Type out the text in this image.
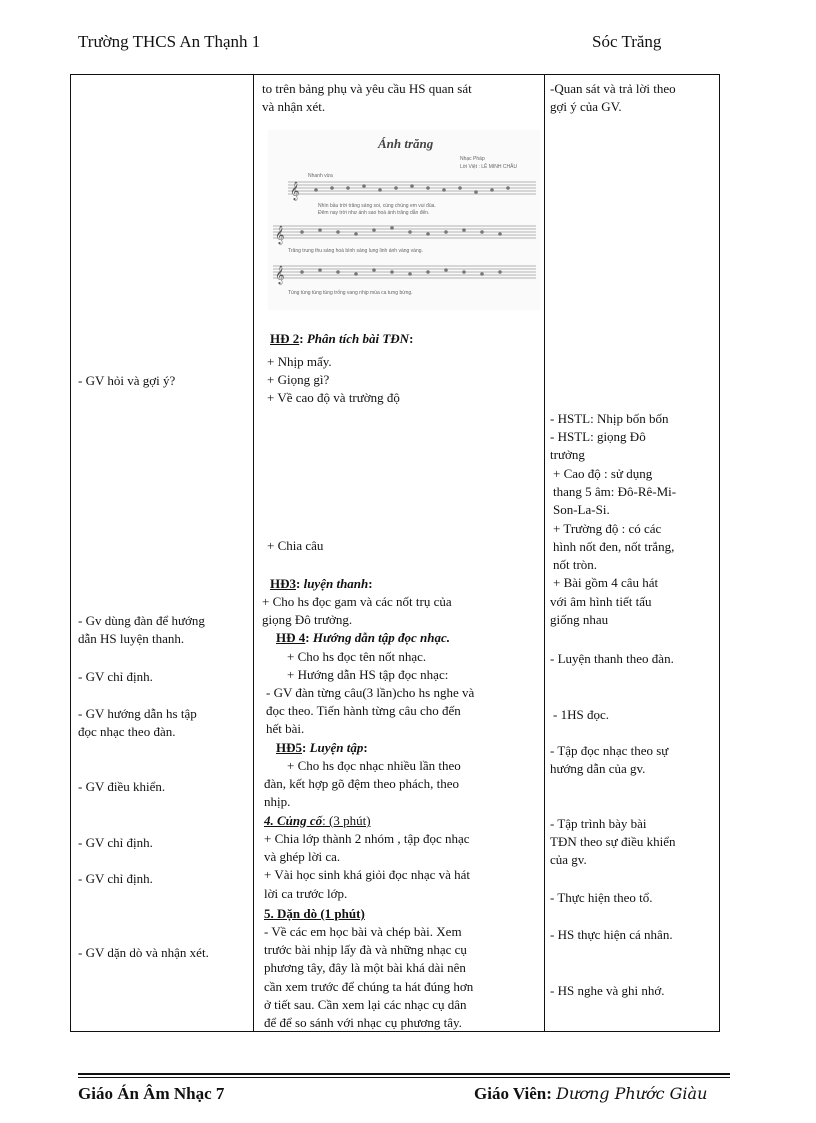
Trường THCS An Thạnh 1	Sóc Trăng

to trên bảng phụ và yêu cầu HS quan sát

và nhận xét.

Ánh trăng
Nhạc Pháp
Lời Việt : LÊ MINH CHÂU
Nhanh vừa
𝄞
Nhìn bầu trời trăng sáng soi, cùng chúng em vui đùa.
Đêm nay trời như ánh sao hoà ánh trăng dẫn đến.
𝄞
Trăng trung thu sáng hoà bình sáng lung linh ánh vàng vàng.
𝄞
Tùng tùng tùng tùng trống vang nhịp múa ca tưng bừng.

HĐ 2: Phân tích bài TĐN:

+ Nhịp mấy.

+ Giọng gì?

+ Về cao độ và trường độ

+ Chia câu

HĐ3: luyện thanh:

+ Cho hs đọc gam và các nốt trụ của

giọng Đô trưởng.

HĐ 4: Hướng dẫn tập đọc nhạc.

+ Cho hs đọc tên nốt nhạc.

+ Hướng dẫn HS tập đọc nhạc:

- GV đàn từng câu(3 lần)cho hs nghe và

đọc theo. Tiến hành từng câu cho đến

hết bài.

HĐ5: Luyện tập:

+ Cho hs đọc nhạc nhiều lần theo

đàn, kết hợp gõ đệm theo phách, theo

nhịp.

4. Củng cố: (3 phút)

+ Chia lớp thành 2 nhóm , tập đọc nhạc

và ghép lời ca.

+ Vài học sinh khá giỏi đọc nhạc và hát

lời ca trước lớp.

5. Dặn dò (1 phút)

- Về các em học bài và chép bài. Xem

trước bài nhịp lấy đà và những nhạc cụ

phương tây, đây là một bài khá dài nên

cần xem trước để chúng ta hát đúng hơn

ở tiết sau. Cần xem lại các nhạc cụ dân

để để so sánh với nhạc cụ phương tây.

- GV hỏi và gợi ý?

- Gv dùng đàn để hướng

dẫn HS luyện thanh.

- GV chỉ định.

- GV hướng dẫn hs tập

đọc nhạc theo đàn.

- GV điều khiển.

- GV chỉ định.

- GV chỉ định.

- GV dặn dò và nhận xét.

-Quan sát và trả lời theo

gợi ý của GV.

- HSTL: Nhịp bốn bốn

- HSTL: giọng Đô

trưởng

+ Cao độ : sử dụng

thang 5 âm: Đô-Rê-Mi-

Son-La-Si.

+ Trường độ : có các

hình nốt đen, nốt trắng,

nốt tròn.

+ Bài gồm 4 câu hát

với âm hình tiết tấu

giống nhau

- Luyện thanh theo đàn.

- 1HS đọc.

- Tập đọc nhạc theo sự

hướng dẫn của gv.

- Tập trình bày bài

TĐN theo sự điều khiển

của gv.

- Thực hiện theo tổ.

- HS thực hiện cá nhân.

- HS nghe và ghi nhớ.

Giáo Án Âm Nhạc 7	Giáo Viên: Dương Phước Giàu
